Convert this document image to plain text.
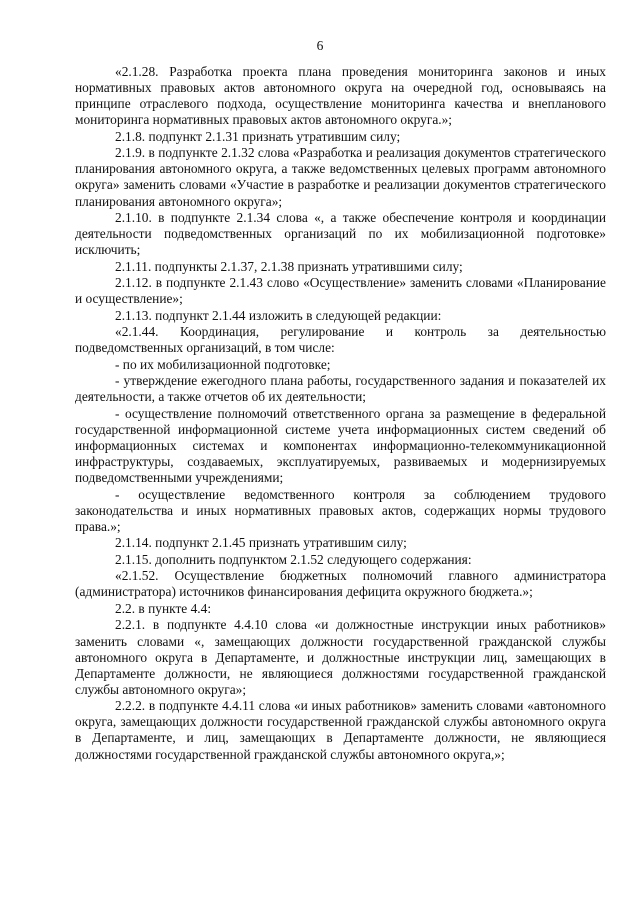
6

«2.1.28. Разработка проекта плана проведения мониторинга законов и иных нормативных правовых актов автономного округа на очередной год, основываясь на принципе отраслевого подхода, осуществление мониторинга качества и внепланового мониторинга нормативных правовых актов автономного округа.»;

2.1.8. подпункт 2.1.31 признать утратившим силу;

2.1.9. в подпункте 2.1.32 слова «Разработка и реализация документов стратегического планирования автономного округа, а также ведомственных целевых программ автономного округа» заменить словами «Участие в разработке и реализации документов стратегического планирования автономного округа»;

2.1.10. в подпункте 2.1.34 слова «, а также обеспечение контроля и координации деятельности подведомственных организаций по их мобилизационной подготовке» исключить;

2.1.11. подпункты 2.1.37, 2.1.38 признать утратившими силу;

2.1.12. в подпункте 2.1.43 слово «Осуществление» заменить словами «Планирование и осуществление»;

2.1.13. подпункт 2.1.44 изложить в следующей редакции:

«2.1.44. Координация, регулирование и контроль за деятельностью подведомственных организаций, в том числе:

- по их мобилизационной подготовке;

- утверждение ежегодного плана работы, государственного задания и показателей их деятельности, а также отчетов об их деятельности;

- осуществление полномочий ответственного органа за размещение в федеральной государственной информационной системе учета информационных систем сведений об информационных системах и компонентах информационно-телекоммуникационной инфраструктуры, создаваемых, эксплуатируемых, развиваемых и модернизируемых подведомственными учреждениями;

- осуществление ведомственного контроля за соблюдением трудового законодательства и иных нормативных правовых актов, содержащих нормы трудового права.»;

2.1.14. подпункт 2.1.45 признать утратившим силу;

2.1.15. дополнить подпунктом 2.1.52 следующего содержания:

«2.1.52. Осуществление бюджетных полномочий главного администратора (администратора) источников финансирования дефицита окружного бюджета.»;

2.2. в пункте 4.4:

2.2.1. в подпункте 4.4.10 слова «и должностные инструкции иных работников» заменить словами «, замещающих должности государственной гражданской службы автономного округа в Департаменте, и должностные инструкции лиц, замещающих в Департаменте должности, не являющиеся должностями государственной гражданской службы автономного округа»;

2.2.2. в подпункте 4.4.11 слова «и иных работников» заменить словами «автономного округа, замещающих должности государственной гражданской службы автономного округа в Департаменте, и лиц, замещающих в Департаменте должности, не являющиеся должностями государственной гражданской службы автономного округа,»;
